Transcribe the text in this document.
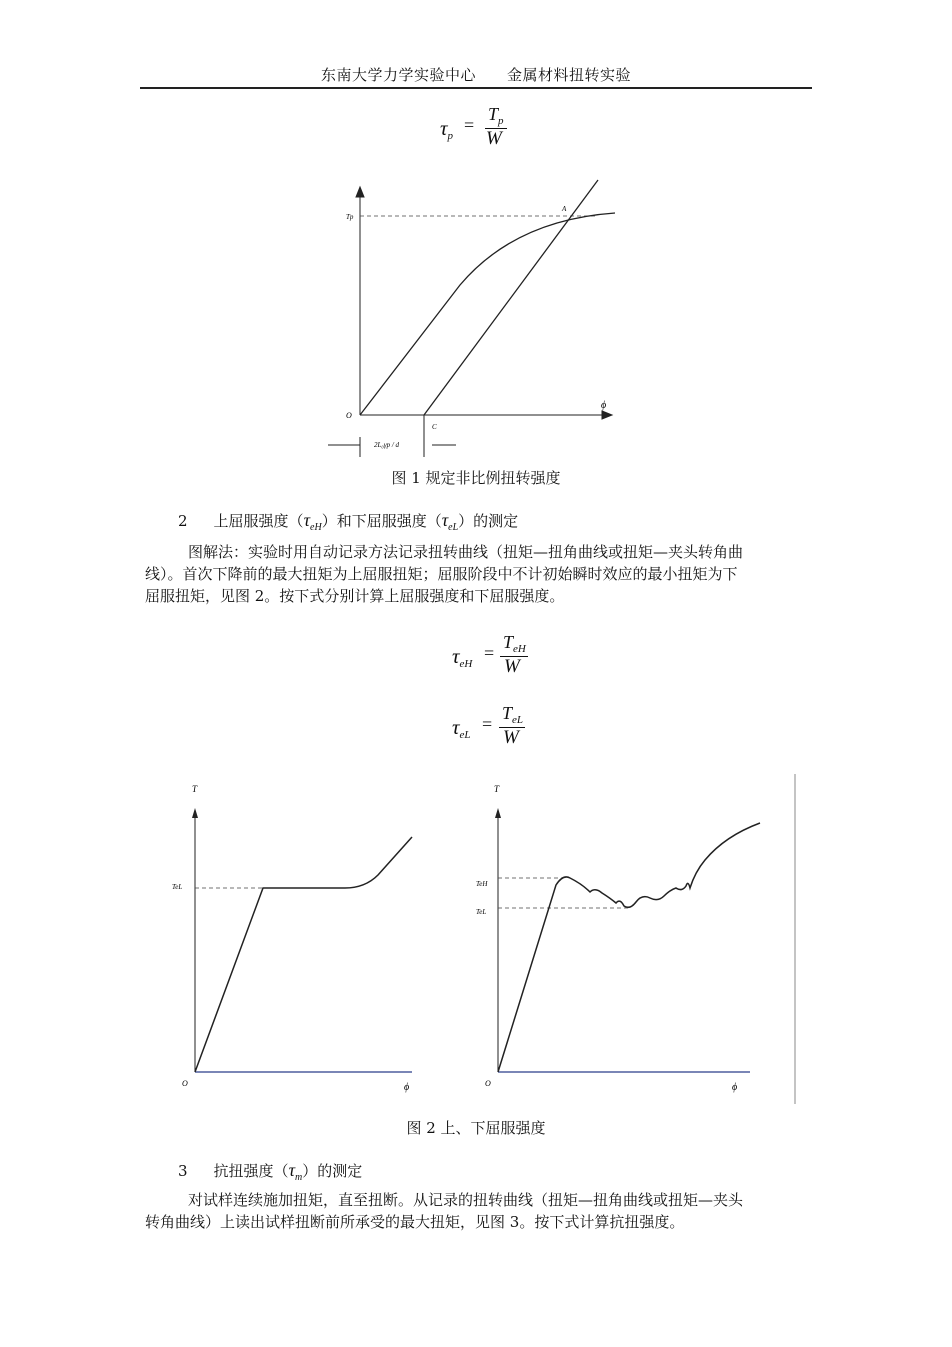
东南大学力学实验中心　　金属材料扭转实验
τp
=
$T_p$
W
Tp
A
O
ϕ
C
2L₀γp / d
图 1 规定非比例扭转强度
2 上屈服强度$(\tau_{eH})$和下屈服强度$(\tau_{eL})$的测定
图解法：实验时用自动记录方法记录扭转曲线（扭矩—扭角曲线或扭矩—夹头转角曲
线）。首次下降前的最大扭矩为上屈服扭矩；屈服阶段中不计初始瞬时效应的最小扭矩为下
屈服扭矩，见图 2。按下式分别计算上屈服强度和下屈服强度。
τeH
=
$T_{eH}$
W
τeL
=
$T_{eL}$
W
T
TeL
O	ϕ
T
TeH
TeL
O	ϕ
图 2 上、下屈服强度
3 抗扭强度$(\tau_m)$的测定
对试样连续施加扭矩，直至扭断。从记录的扭转曲线（扭矩—扭角曲线或扭矩—夹头
转角曲线）上读出试样扭断前所承受的最大扭矩，见图 3。按下式计算抗扭强度。
